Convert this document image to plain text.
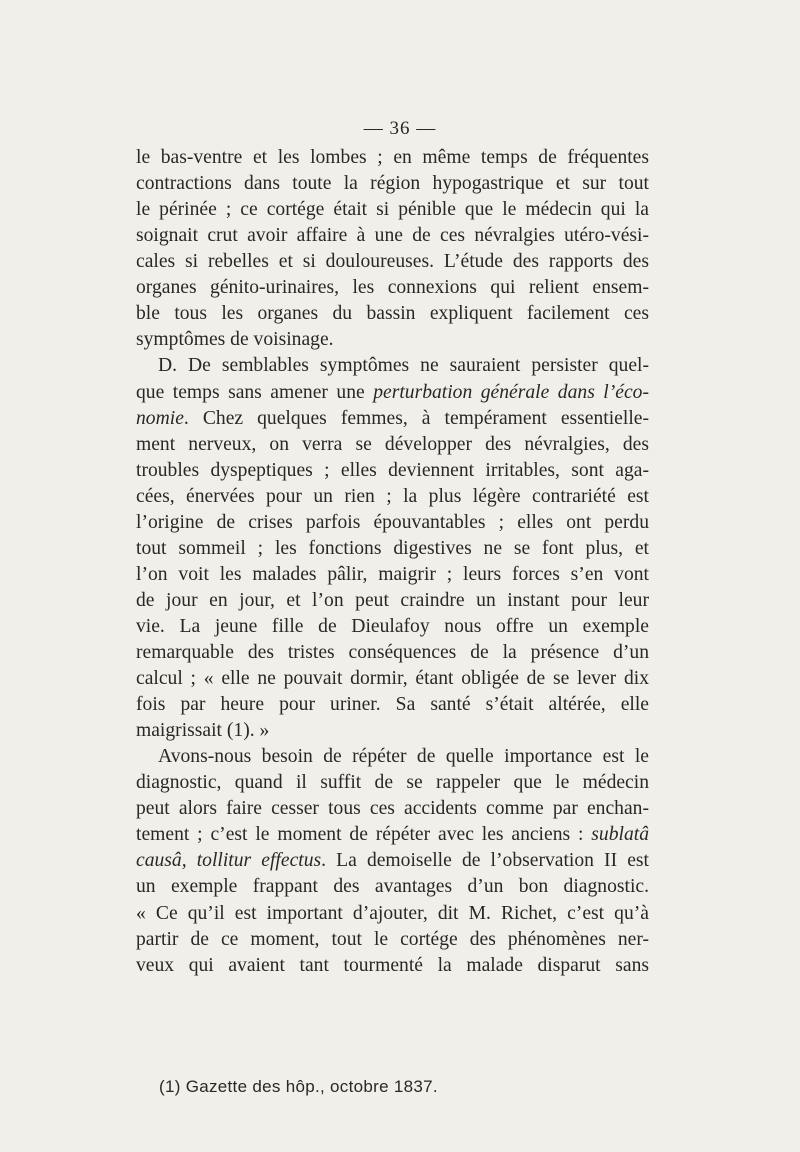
— 36 —
le bas-ventre et les lombes ; en même temps de fréquentes
contractions dans toute la région hypogastrique et sur tout
le périnée ; ce cortége était si pénible que le médecin qui la
soignait crut avoir affaire à une de ces névralgies utéro-vési-
cales si rebelles et si douloureuses. L’étude des rapports des
organes génito-urinaires, les connexions qui relient ensem-
ble tous les organes du bassin expliquent facilement ces
symptômes de voisinage.
D. De semblables symptômes ne sauraient persister quel-
que temps sans amener une perturbation générale dans l’éco-
nomie. Chez quelques femmes, à tempérament essentielle-
ment nerveux, on verra se développer des névralgies, des
troubles dyspeptiques ; elles deviennent irritables, sont aga-
cées, énervées pour un rien ; la plus légère contrariété est
l’origine de crises parfois épouvantables ; elles ont perdu
tout sommeil ; les fonctions digestives ne se font plus, et
l’on voit les malades pâlir, maigrir ; leurs forces s’en vont
de jour en jour, et l’on peut craindre un instant pour leur
vie. La jeune fille de Dieulafoy nous offre un exemple
remarquable des tristes conséquences de la présence d’un
calcul ; « elle ne pouvait dormir, étant obligée de se lever dix
fois par heure pour uriner. Sa santé s’était altérée, elle
maigrissait (1). »
Avons-nous besoin de répéter de quelle importance est le
diagnostic, quand il suffit de se rappeler que le médecin
peut alors faire cesser tous ces accidents comme par enchan-
tement ; c’est le moment de répéter avec les anciens : sublatâ
causâ, tollitur effectus. La demoiselle de l’observation II est
un exemple frappant des avantages d’un bon diagnostic.
« Ce qu’il est important d’ajouter, dit M. Richet, c’est qu’à
partir de ce moment, tout le cortége des phénomènes ner-
veux qui avaient tant tourmenté la malade disparut sans
(1) Gazette des hôp., octobre 1837.
